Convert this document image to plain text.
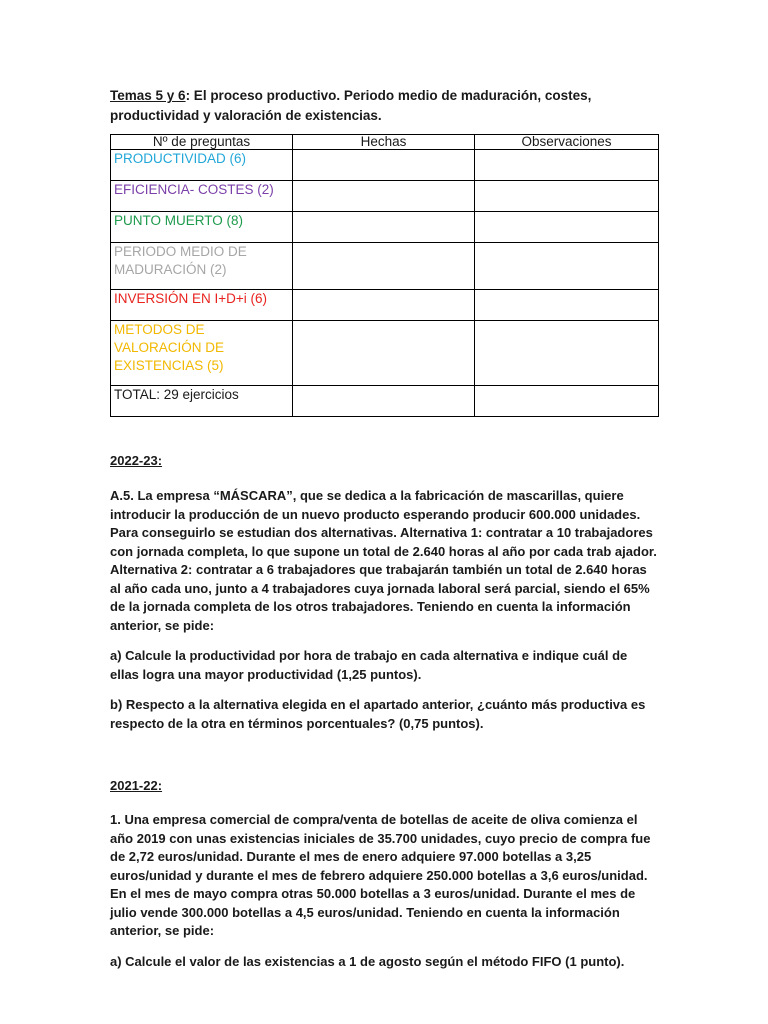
Temas 5 y 6: El proceso productivo. Periodo medio de maduración, costes, productividad y valoración de existencias.
Nº de preguntas	Hechas	Observaciones
PRODUCTIVIDAD (6)		
EFICIENCIA- COSTES (2)		
PUNTO MUERTO (8)		
PERIODO MEDIO DE MADURACIÓN (2)		
INVERSIÓN EN I+D+i (6)		
METODOS DE VALORACIÓN DE EXISTENCIAS (5)		
TOTAL: 29 ejercicios		
2022-23:

A.5. La empresa “MÁSCARA”, que se dedica a la fabricación de mascarillas, quiere introducir la producción de un nuevo producto esperando producir 600.000 unidades. Para conseguirlo se estudian dos alternativas. Alternativa 1: contratar a 10 trabajadores con jornada completa, lo que supone un total de 2.640 horas al año por cada trab ajador. Alternativa 2: contratar a 6 trabajadores que trabajarán también un total de 2.640 horas al año cada uno, junto a 4 trabajadores cuya jornada laboral será parcial, siendo el 65% de la jornada completa de los otros trabajadores. Teniendo en cuenta la información anterior, se pide:

a) Calcule la productividad por hora de trabajo en cada alternativa e indique cuál de ellas logra una mayor productividad (1,25 puntos).

b) Respecto a la alternativa elegida en el apartado anterior, ¿cuánto más productiva es respecto de la otra en términos porcentuales? (0,75 puntos).

2021-22:

1. Una empresa comercial de compra/venta de botellas de aceite de oliva comienza el año 2019 con unas existencias iniciales de 35.700 unidades, cuyo precio de compra fue de 2,72 euros/unidad. Durante el mes de enero adquiere 97.000 botellas a 3,25 euros/unidad y durante el mes de febrero adquiere 250.000 botellas a 3,6 euros/unidad. En el mes de mayo compra otras 50.000 botellas a 3 euros/unidad. Durante el mes de julio vende 300.000 botellas a 4,5 euros/unidad. Teniendo en cuenta la información anterior, se pide:

a) Calcule el valor de las existencias a 1 de agosto según el método FIFO (1 punto).
